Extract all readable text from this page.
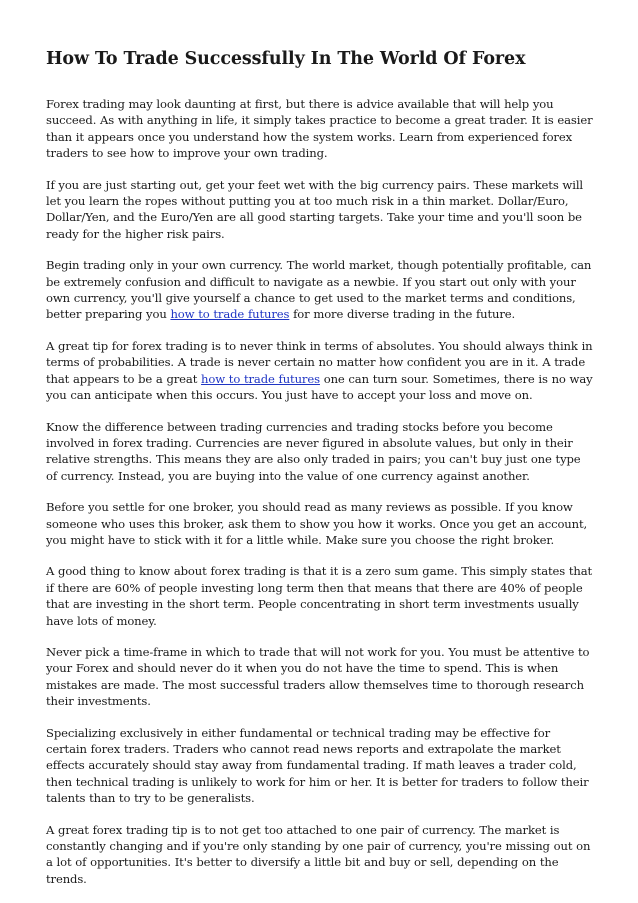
How To Trade Successfully In The World Of Forex

Forex trading may look daunting at first, but there is advice available that will help you succeed. As with anything in life, it simply takes practice to become a great trader. It is easier than it appears once you understand how the system works. Learn from experienced forex traders to see how to improve your own trading.

If you are just starting out, get your feet wet with the big currency pairs. These markets will let you learn the ropes without putting you at too much risk in a thin market. Dollar/Euro, Dollar/Yen, and the Euro/Yen are all good starting targets. Take your time and you'll soon be ready for the higher risk pairs.

Begin trading only in your own currency. The world market, though potentially profitable, can be extremely confusion and difficult to navigate as a newbie. If you start out only with your own currency, you'll give yourself a chance to get used to the market terms and conditions, better preparing you how to trade futures for more diverse trading in the future.

A great tip for forex trading is to never think in terms of absolutes. You should always think in terms of probabilities. A trade is never certain no matter how confident you are in it. A trade that appears to be a great how to trade futures one can turn sour. Sometimes, there is no way you can anticipate when this occurs. You just have to accept your loss and move on.

Know the difference between trading currencies and trading stocks before you become involved in forex trading. Currencies are never figured in absolute values, but only in their relative strengths. This means they are also only traded in pairs; you can't buy just one type of currency. Instead, you are buying into the value of one currency against another.

Before you settle for one broker, you should read as many reviews as possible. If you know someone who uses this broker, ask them to show you how it works. Once you get an account, you might have to stick with it for a little while. Make sure you choose the right broker.

A good thing to know about forex trading is that it is a zero sum game. This simply states that if there are 60% of people investing long term then that means that there are 40% of people that are investing in the short term. People concentrating in short term investments usually have lots of money.

Never pick a time-frame in which to trade that will not work for you. You must be attentive to your Forex and should never do it when you do not have the time to spend. This is when mistakes are made. The most successful traders allow themselves time to thorough research their investments.

Specializing exclusively in either fundamental or technical trading may be effective for certain forex traders. Traders who cannot read news reports and extrapolate the market effects accurately should stay away from fundamental trading. If math leaves a trader cold, then technical trading is unlikely to work for him or her. It is better for traders to follow their talents than to try to be generalists.

A great forex trading tip is to not get too attached to one pair of currency. The market is constantly changing and if you're only standing by one pair of currency, you're missing out on a lot of opportunities. It's better to diversify a little bit and buy or sell, depending on the trends.
